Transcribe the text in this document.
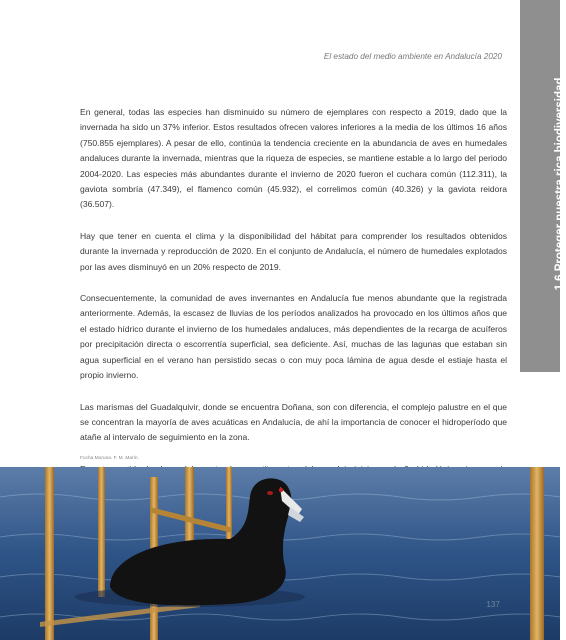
El estado del medio ambiente en Andalucía 2020
1.6 Proteger nuestra rica biodiversidad

En general, todas las especies han disminuido su número de ejemplares con respecto a 2019, dado que la invernada ha sido un 37% inferior. Estos resultados ofrecen valores inferiores a la media de los últimos 16 años (750.855 ejemplares). A pesar de ello, continúa la tendencia creciente en la abundancia de aves en humedales andaluces durante la invernada, mientras que la riqueza de especies, se mantiene estable a lo largo del periodo 2004-2020. Las especies más abundantes durante el invierno de 2020 fueron el cuchara común (112.311), la gaviota sombría (47.349), el flamenco común (45.932), el correlimos común (40.326) y la gaviota reidora (36.507).

Hay que tener en cuenta el clima y la disponibilidad del hábitat para comprender los resultados obtenidos durante la invernada y reproducción de 2020. En el conjunto de Andalucía, el número de humedales explotados por las aves disminuyó en un 20% respecto de 2019.

Consecuentemente, la comunidad de aves invernantes en Andalucía fue menos abundante que la registrada anteriormente. Además, la escasez de lluvias de los períodos analizados ha provocado en los últimos años que el estado hídrico durante el invierno de los humedales andaluces, más dependientes de la recarga de acuíferos por precipitación directa o escorrentía superficial, sea deficiente. Así, muchas de las lagunas que estaban sin agua superficial en el verano han persistido secas o con muy poca lámina de agua desde el estiaje hasta el propio invierno.

Las marismas del Guadalquivir, donde se encuentra Doñana, son con diferencia, el complejo palustre en el que se concentran la mayoría de aves acuáticas en Andalucía, de ahí la importancia de conocer el hidroperíodo que atañe al intervalo de seguimiento en la zona.

Focha Moruna. F. M. Marín.
137
